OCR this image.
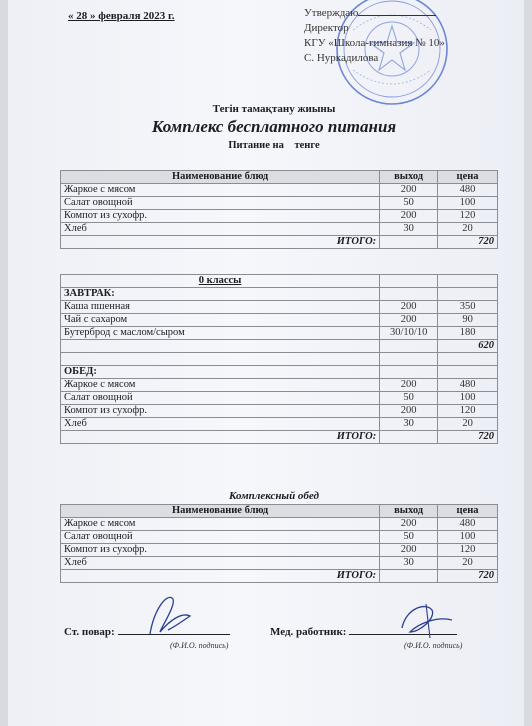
« 28 » февраля 2023 г.	Утверждаю
Директор
КГУ «Школа-гимназия № 10»
С. Нуркадилова
Тегін тамақтану жиыны
Комплекс бесплатного питания
Питание на тенге
Наименование блюд	выход	цена
Жаркое с мясом	200	480
Салат овощной	50	100
Компот из сухофр.	200	120
Хлеб	30	20
ИТОГО:		720
0 классы		
ЗАВТРАК:		
Каша пшенная	200	350
Чай с сахаром	200	90
Бутерброд с маслом/сыром	30/10/10	180
		620

ОБЕД:		
Жаркое с мясом	200	480
Салат овощной	50	100
Компот из сухофр.	200	120
Хлеб	30	20
ИТОГО:		720
Комплексный обед
Наименование блюд	выход	цена
Жаркое с мясом	200	480
Салат овощной	50	100
Компот из сухофр.	200	120
Хлеб	30	20
ИТОГО:		720
Ст. повар:
(Ф.И.О. подпись)
Мед. работник:
(Ф.И.О. подпись)
